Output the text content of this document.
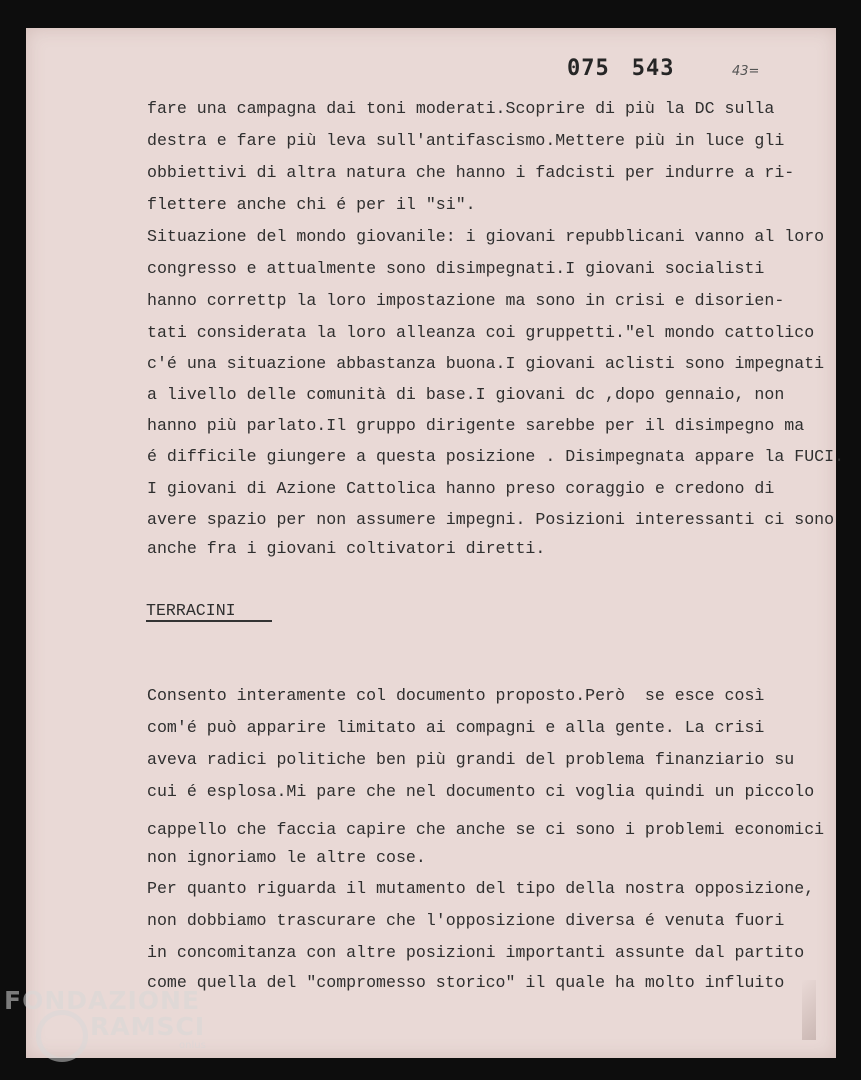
075 543	43=
fare una campagna dai toni moderati.Scoprire di più la DC sulla
destra e fare più leva sull'antifascismo.Mettere più in luce gli
obbiettivi di altra natura che hanno i fadcisti per indurre a ri-
flettere anche chi é per il "si".
Situazione del mondo giovanile: i giovani repubblicani vanno al loro
congresso e attualmente sono disimpegnati.I giovani socialisti
hanno correttp la loro impostazione ma sono in crisi e disorien-
tati considerata la loro alleanza coi gruppetti."el mondo cattolico
c'é una situazione abbastanza buona.I giovani aclisti sono impegnati
a livello delle comunità di base.I giovani dc ,dopo gennaio, non
hanno più parlato.Il gruppo dirigente sarebbe per il disimpegno ma
é difficile giungere a questa posizione . Disimpegnata appare la FUCI.
I giovani di Azione Cattolica hanno preso coraggio e credono di
avere spazio per non assumere impegni. Posizioni interessanti ci sono
anche fra i giovani coltivatori diretti.
TERRACINI
Consento interamente col documento proposto.Però  se esce così
com'é può apparire limitato ai compagni e alla gente. La crisi
aveva radici politiche ben più grandi del problema finanziario su
cui é esplosa.Mi pare che nel documento ci voglia quindi un piccolo
cappello che faccia capire che anche se ci sono i problemi economici
non ignoriamo le altre cose.
Per quanto riguarda il mutamento del tipo della nostra opposizione,
non dobbiamo trascurare che l'opposizione diversa é venuta fuori
in concomitanza con altre posizioni importanti assunte dal partito
come quella del "compromesso storico" il quale ha molto influito
FONDAZIONE
RAMSCI
onlus
